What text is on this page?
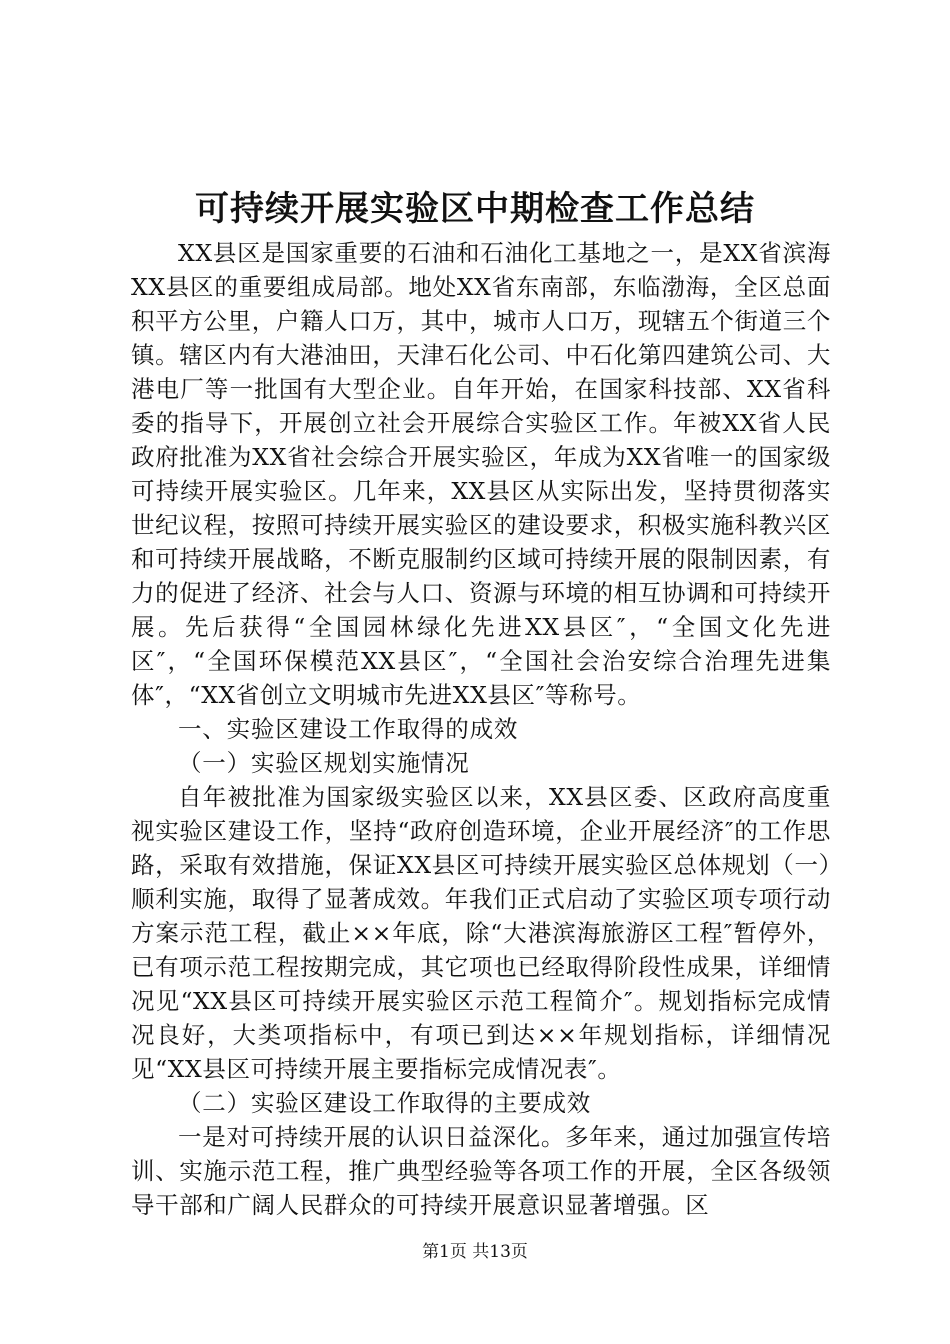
可持续开展实验区中期检查工作总结

XX县区是国家重要的石油和石油化工基地之一，是XX省滨海XX县区的重要组成局部。地处XX省东南部，东临渤海，全区总面积平方公里，户籍人口万，其中，城市人口万，现辖五个街道三个镇。辖区内有大港油田，天津石化公司、中石化第四建筑公司、大港电厂等一批国有大型企业。自年开始，在国家科技部、XX省科委的指导下，开展创立社会开展综合实验区工作。年被XX省人民政府批准为XX省社会综合开展实验区，年成为XX省唯一的国家级可持续开展实验区。几年来，XX县区从实际出发，坚持贯彻落实世纪议程，按照可持续开展实验区的建设要求，积极实施科教兴区和可持续开展战略，不断克服制约区域可持续开展的限制因素，有力的促进了经济、社会与人口、资源与环境的相互协调和可持续开展。先后获得“全国园林绿化先进XX县区″，“全国文化先进区″，“全国环保模范XX县区″，“全国社会治安综合治理先进集体″，“XX省创立文明城市先进XX县区″等称号。

一、实验区建设工作取得的成效

（一）实验区规划实施情况

自年被批准为国家级实验区以来，XX县区委、区政府高度重视实验区建设工作，坚持“政府创造环境，企业开展经济″的工作思路，采取有效措施，保证XX县区可持续开展实验区总体规划（一）顺利实施，取得了显著成效。年我们正式启动了实验区项专项行动方案示范工程，截止××年底，除“大港滨海旅游区工程″暂停外，已有项示范工程按期完成，其它项也已经取得阶段性成果，详细情况见“XX县区可持续开展实验区示范工程简介″。规划指标完成情况良好，大类项指标中，有项已到达××年规划指标，详细情况见“XX县区可持续开展主要指标完成情况表″。

（二）实验区建设工作取得的主要成效

一是对可持续开展的认识日益深化。多年来，通过加强宣传培训、实施示范工程，推广典型经验等各项工作的开展，全区各级领导干部和广阔人民群众的可持续开展意识显著增强。区

第1页 共13页
